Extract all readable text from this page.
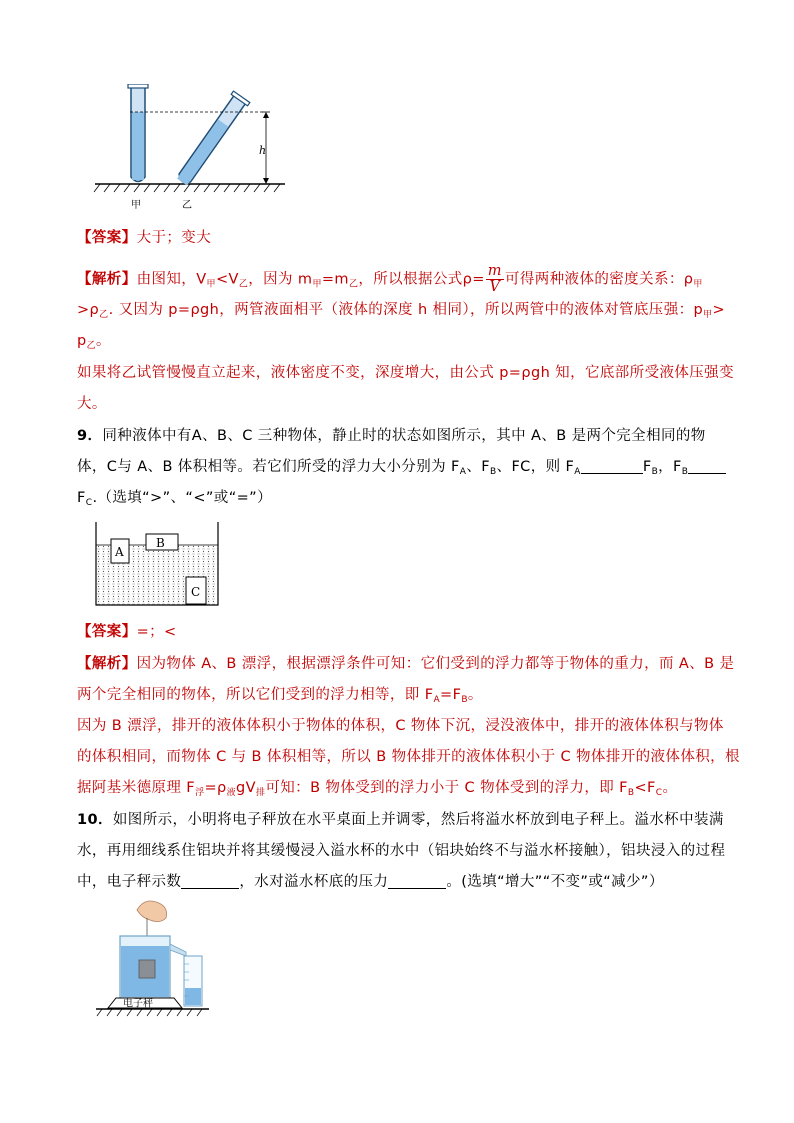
h
甲	乙
【答案】大于；变大
【解析】由图知，$V_甲<V_乙$，因为 $m_甲=m_乙$，所以根据公式$\rho= \frac{m}{V}$ 可得两种液体的密度关系：$\rho_甲$
$>\rho_乙$. 又因为 p=ρgh，两管液面相平（液体的深度 h 相同），所以两管中的液体对管底压强：$p_甲>$
$p_乙$。
如果将乙试管慢慢直立起来，液体密度不变，深度增大，由公式 p=ρgh 知，它底部所受液体压强变
大。
9．同种液体中有A、B、C 三种物体，静止时的状态如图所示，其中 A、B 是两个完全相同的物
体，C与 A、B 体积相等。若它们所受的浮力大小分别为 $F_A$、$F_B$、FC，则 $F_A$	$F_B$，$F_B$
$F_C$.（选填“>”、“<”或“=”）
A
B
C
【答案】=；<
【解析】因为物体 A、B 漂浮，根据漂浮条件可知：它们受到的浮力都等于物体的重力，而 A、B 是
两个完全相同的物体，所以它们受到的浮力相等，即 $F_A=F_B$。
因为 B 漂浮，排开的液体体积小于物体的体积，C 物体下沉，浸没液体中，排开的液体体积与物体
的体积相同，而物体 C 与 B 体积相等，所以 B 物体排开的液体体积小于 C 物体排开的液体体积，根
据阿基米德原理 $F_浮=\rho_液gV_排$可知：B 物体受到的浮力小于 C 物体受到的浮力，即 $F_B<F_C$。
10．如图所示，小明将电子秤放在水平桌面上并调零，然后将溢水杯放到电子秤上。溢水杯中装满
水，再用细线系住铝块并将其缓慢浸入溢水杯的水中（铝块始终不与溢水杯接触），铝块浸入的过程
中，电子秤示数	，水对溢水杯底的压力	。(选填“增大”“不变”或“减少”）
电子秤
